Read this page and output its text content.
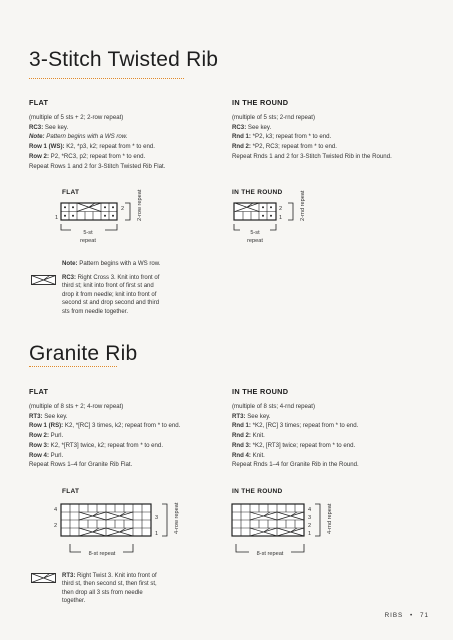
3-Stitch Twisted Rib
FLAT
(multiple of 5 sts + 2; 2-row repeat)
RC3: See key.
Note: Pattern begins with a WS row.
Row 1 (WS): K2, *p3, k2; repeat from * to end.
Row 2: P2, *RC3, p2; repeat from * to end.
Repeat Rows 1 and 2 for 3-Stitch Twisted Rib Flat.
IN THE ROUND
(multiple of 5 sts; 2-rnd repeat)
RC3: See key.
Rnd 1: *P2, k3; repeat from * to end.
Rnd 2: *P2, RC3; repeat from * to end.
Repeat Rnds 1 and 2 for 3-Stitch Twisted Rib in the Round.
FLAT
1
2 2-row repeat
5-st
repeat
IN THE ROUND
2
1	2-rnd repeat
5-st
repeat
Note: Pattern begins with a WS row.
RC3: Right Cross 3. Knit into front of third st; knit into front of first st and drop it from needle; knit into front of second st and drop second and third sts from needle together.
Granite Rib
FLAT
(multiple of 8 sts + 2; 4-row repeat)
RT3: See key.
Row 1 (RS): K2, *[RC] 3 times, k2; repeat from * to end.
Row 2: Purl.
Row 3: K2, *[RT3] twice, k2; repeat from * to end.
Row 4: Purl.
Repeat Rows 1–4 for Granite Rib Flat.
IN THE ROUND
(multiple of 8 sts; 4-rnd repeat)
RT3: See key.
Rnd 1: *K2, [RC] 3 times; repeat from * to end.
Rnd 2: Knit.
Rnd 3: *K2, [RT3] twice; repeat from * to end.
Rnd 4: Knit.
Repeat Rnds 1–4 for Granite Rib in the Round.
FLAT
4
2
3
1	4-row repeat
8-st repeat
IN THE ROUND
4
3
2
1	4-rnd repeat
8-st repeat
RT3: Right Twist 3. Knit into front of third st, then second st, then first st, then drop all 3 sts from needle together.
RIBS • 71
